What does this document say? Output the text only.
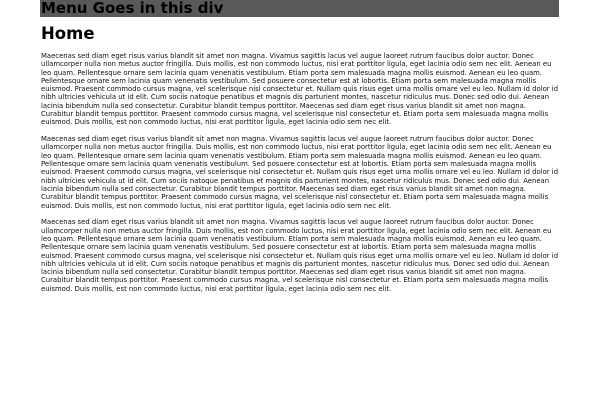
Menu Goes in this div
Home

Maecenas sed diam eget risus varius blandit sit amet non magna. Vivamus sagittis lacus vel augue laoreet rutrum faucibus dolor auctor. Donec ullamcorper nulla non metus auctor fringilla. Duis mollis, est non commodo luctus, nisi erat porttitor ligula, eget lacinia odio sem nec elit. Aenean eu leo quam. Pellentesque ornare sem lacinia quam venenatis vestibulum. Etiam porta sem malesuada magna mollis euismod. Aenean eu leo quam. Pellentesque ornare sem lacinia quam venenatis vestibulum. Sed posuere consectetur est at lobortis. Etiam porta sem malesuada magna mollis euismod. Praesent commodo cursus magna, vel scelerisque nisl consectetur et. Nullam quis risus eget urna mollis ornare vel eu leo. Nullam id dolor id nibh ultricies vehicula ut id elit. Cum sociis natoque penatibus et magnis dis parturient montes, nascetur ridiculus mus. Donec sed odio dui. Aenean lacinia bibendum nulla sed consectetur. Curabitur blandit tempus porttitor. Maecenas sed diam eget risus varius blandit sit amet non magna. Curabitur blandit tempus porttitor. Praesent commodo cursus magna, vel scelerisque nisl consectetur et. Etiam porta sem malesuada magna mollis euismod. Duis mollis, est non commodo luctus, nisi erat porttitor ligula, eget lacinia odio sem nec elit.

Maecenas sed diam eget risus varius blandit sit amet non magna. Vivamus sagittis lacus vel augue laoreet rutrum faucibus dolor auctor. Donec ullamcorper nulla non metus auctor fringilla. Duis mollis, est non commodo luctus, nisi erat porttitor ligula, eget lacinia odio sem nec elit. Aenean eu leo quam. Pellentesque ornare sem lacinia quam venenatis vestibulum. Etiam porta sem malesuada magna mollis euismod. Aenean eu leo quam. Pellentesque ornare sem lacinia quam venenatis vestibulum. Sed posuere consectetur est at lobortis. Etiam porta sem malesuada magna mollis euismod. Praesent commodo cursus magna, vel scelerisque nisl consectetur et. Nullam quis risus eget urna mollis ornare vel eu leo. Nullam id dolor id nibh ultricies vehicula ut id elit. Cum sociis natoque penatibus et magnis dis parturient montes, nascetur ridiculus mus. Donec sed odio dui. Aenean lacinia bibendum nulla sed consectetur. Curabitur blandit tempus porttitor. Maecenas sed diam eget risus varius blandit sit amet non magna. Curabitur blandit tempus porttitor. Praesent commodo cursus magna, vel scelerisque nisl consectetur et. Etiam porta sem malesuada magna mollis euismod. Duis mollis, est non commodo luctus, nisi erat porttitor ligula, eget lacinia odio sem nec elit.

Maecenas sed diam eget risus varius blandit sit amet non magna. Vivamus sagittis lacus vel augue laoreet rutrum faucibus dolor auctor. Donec ullamcorper nulla non metus auctor fringilla. Duis mollis, est non commodo luctus, nisi erat porttitor ligula, eget lacinia odio sem nec elit. Aenean eu leo quam. Pellentesque ornare sem lacinia quam venenatis vestibulum. Etiam porta sem malesuada magna mollis euismod. Aenean eu leo quam. Pellentesque ornare sem lacinia quam venenatis vestibulum. Sed posuere consectetur est at lobortis. Etiam porta sem malesuada magna mollis euismod. Praesent commodo cursus magna, vel scelerisque nisl consectetur et. Nullam quis risus eget urna mollis ornare vel eu leo. Nullam id dolor id nibh ultricies vehicula ut id elit. Cum sociis natoque penatibus et magnis dis parturient montes, nascetur ridiculus mus. Donec sed odio dui. Aenean lacinia bibendum nulla sed consectetur. Curabitur blandit tempus porttitor. Maecenas sed diam eget risus varius blandit sit amet non magna. Curabitur blandit tempus porttitor. Praesent commodo cursus magna, vel scelerisque nisl consectetur et. Etiam porta sem malesuada magna mollis euismod. Duis mollis, est non commodo luctus, nisi erat porttitor ligula, eget lacinia odio sem nec elit.
